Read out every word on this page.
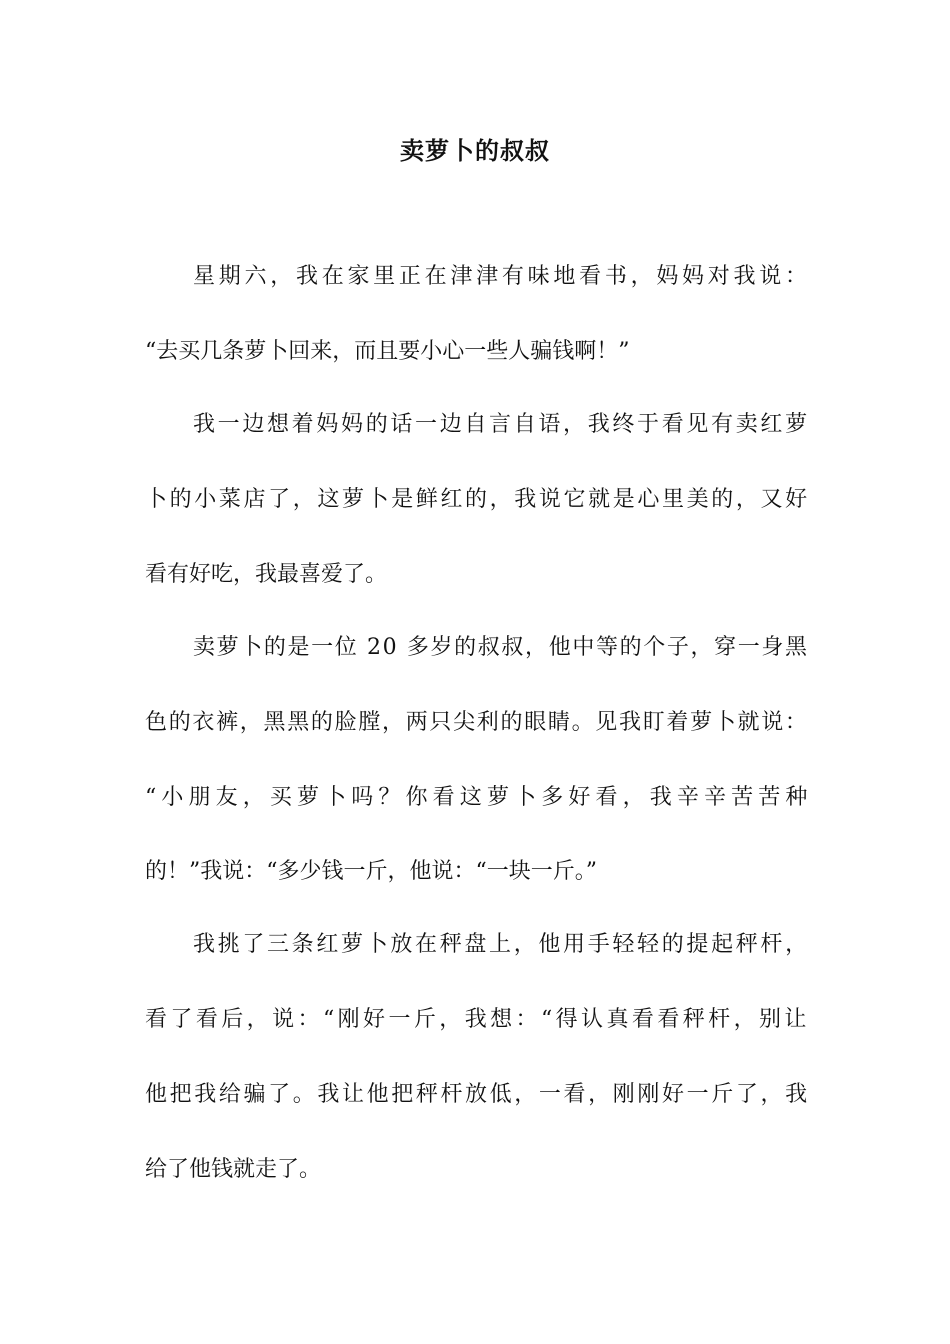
卖萝卜的叔叔
星期六，我在家里正在津津有味地看书，妈妈对我说：
“去买几条萝卜回来，而且要小心一些人骗钱啊！”
我一边想着妈妈的话一边自言自语，我终于看见有卖红萝
卜的小菜店了，这萝卜是鲜红的，我说它就是心里美的，又好
看有好吃，我最喜爱了。
卖萝卜的是一位 20 多岁的叔叔，他中等的个子，穿一身黑
色的衣裤，黑黑的脸膛，两只尖利的眼睛。见我盯着萝卜就说：
“小朋友，买萝卜吗？你看这萝卜多好看，我辛辛苦苦种
的！”我说：“多少钱一斤，他说：“一块一斤。”
我挑了三条红萝卜放在秤盘上，他用手轻轻的提起秤杆，
看了看后，说：“刚好一斤，我想：“得认真看看秤杆，别让
他把我给骗了。我让他把秤杆放低，一看，刚刚好一斤了，我
给了他钱就走了。
